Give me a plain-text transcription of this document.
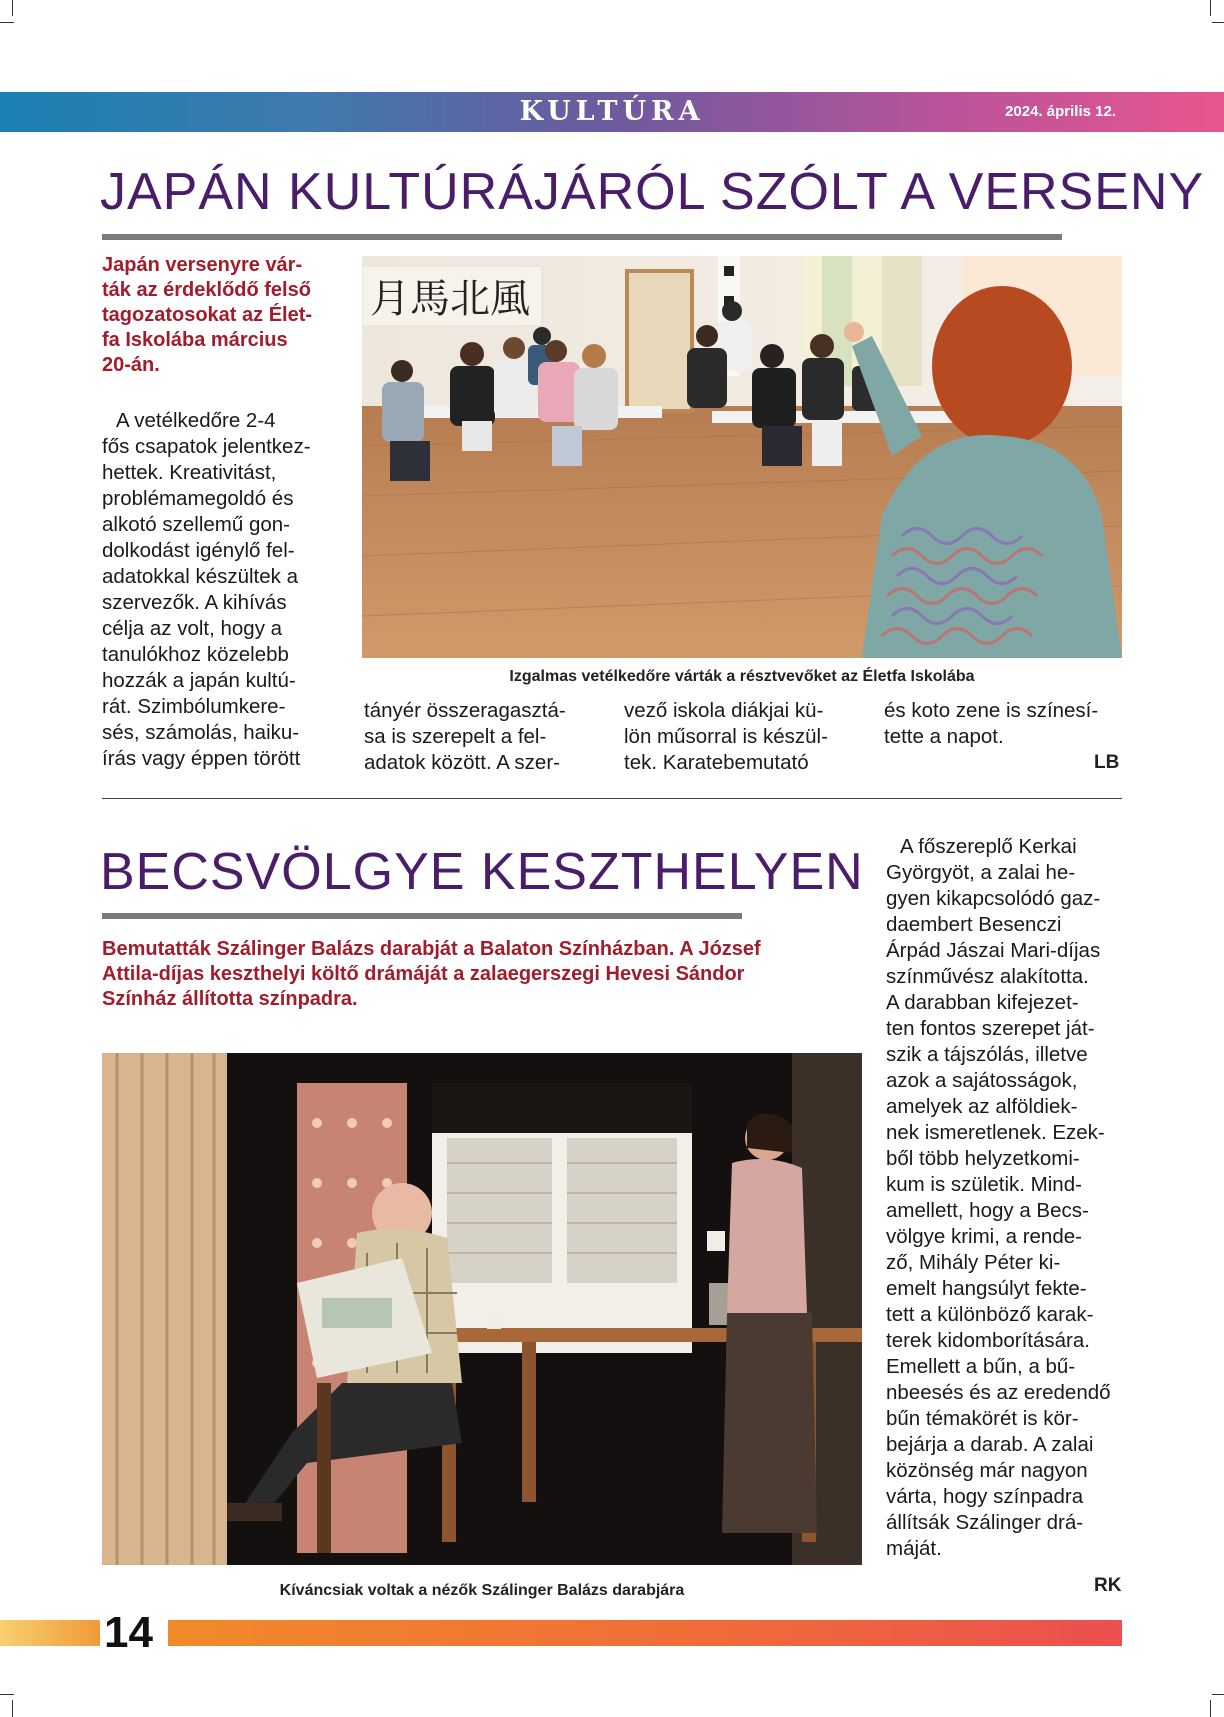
KULTÚRA	2024. április 12.
JAPÁN KULTÚRÁJÁRÓL SZÓLT A VERSENY
Japán versenyre vár-
ták az érdeklődő felső
tagozatosokat az Élet-
fa Iskolába március
20-án.
A vetélkedőre 2-4
fős csapatok jelentkez-
hettek. Kreativitást,
problémamegoldó és
alkotó szellemű gon-
dolkodást igénylő fel-
adatokkal készültek a
szervezők. A kihívás
célja az volt, hogy a
tanulókhoz közelebb
hozzák a japán kultú-
rát. Szimbólumkere-
sés, számolás, haiku-
írás vagy éppen törött
月馬北風
Izgalmas vetélkedőre várták a résztvevőket az Életfa Iskolába
tányér összeragasztá-
sa is szerepelt a fel-
adatok között. A szer-
vező iskola diákjai kü-
lön műsorral is készül-
tek. Karatebemutató
és koto zene is színesí-
tette a napot.
LB
BECSVÖLGYE KESZTHELYEN
Bemutatták Szálinger Balázs darabját a Balaton Színházban. A József
Attila-díjas keszthelyi költő drámáját a zalaegerszegi Hevesi Sándor
Színház állította színpadra.
Kíváncsiak voltak a nézők Szálinger Balázs darabjára
A főszereplő Kerkai
Györgyöt, a zalai he-
gyen kikapcsolódó gaz-
daembert Besenczi
Árpád Jászai Mari-díjas
színművész alakította.
A darabban kifejezet-
ten fontos szerepet ját-
szik a tájszólás, illetve
azok a sajátosságok,
amelyek az alföldiek-
nek ismeretlenek. Ezek-
ből több helyzetkomi-
kum is születik. Mind-
amellett, hogy a Becs-
völgye krimi, a rende-
ző, Mihály Péter ki-
emelt hangsúlyt fekte-
tett a különböző karak-
terek kidomborítására.
Emellett a bűn, a bű-
nbeesés és az eredendő
bűn témakörét is kör-
bejárja a darab. A zalai
közönség már nagyon
várta, hogy színpadra
állítsák Szálinger drá-
máját.
RK
14
